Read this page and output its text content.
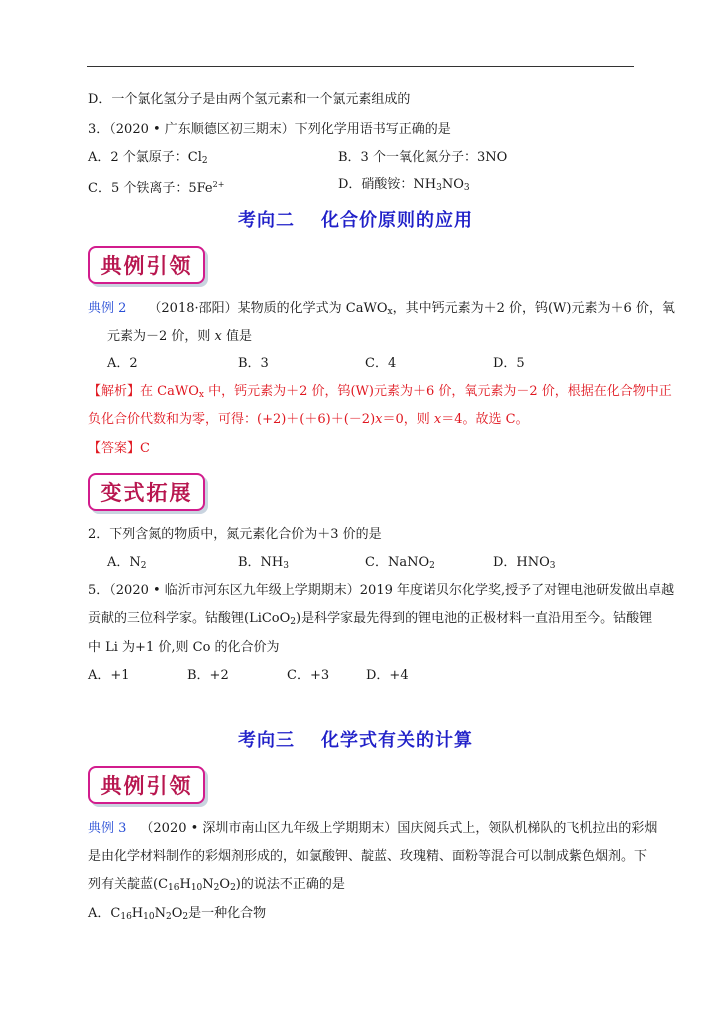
D．一个氯化氢分子是由两个氢元素和一个氯元素组成的
3．（2020 • 广东顺德区初三期末）下列化学用语书写正确的是
A．2 个氯原子：$Cl_2$	B．3 个一氧化氮分子：3NO
C．5 个铁离子：$5Fe^{2+}$	D．硝酸铵：$NH_3NO_3$
考向二 化合价原则的应用
典例引领
典例 2 （2018·邵阳）某物质的化学式为 CaWO$_x$，其中钙元素为＋2 价，钨(W)元素为＋6 价，氧
元素为－2 价，则 x 值是
A．2	B．3	C．4	D．5
【解析】在 CaWO$_x$ 中，钙元素为＋2 价，钨(W)元素为＋6 价，氧元素为－2 价，根据在化合物中正
负化合价代数和为零，可得：(+2)＋(＋6)＋(－2)x＝0，则 x＝4。故选 C。
【答案】C
变式拓展
2．下列含氮的物质中，氮元素化合价为＋3 价的是
A．$N_2$	B．$NH_3$	C．NaNO$_2$	D．$HNO_3$
5．（2020 • 临沂市河东区九年级上学期期末）2019 年度诺贝尔化学奖,授予了对锂电池研发做出卓越
贡献的三位科学家。钴酸锂(LiCoO$_2$)是科学家最先得到的锂电池的正极材料一直沿用至今。钴酸锂
中 Li 为+1 价,则 Co 的化合价为
A．+1	B．+2	C．+3	D．+4
考向三 化学式有关的计算
典例引领
典例 3 （2020 • 深圳市南山区九年级上学期期末）国庆阅兵式上，领队机梯队的飞机拉出的彩烟
是由化学材料制作的彩烟剂形成的，如氯酸钾、靛蓝、玫瑰精、面粉等混合可以制成紫色烟剂。下
列有关靛蓝$(C_{16}H_{10}N_2O_2)$的说法不正确的是
A．$C_{16}H_{10}N_2O_2$是一种化合物
